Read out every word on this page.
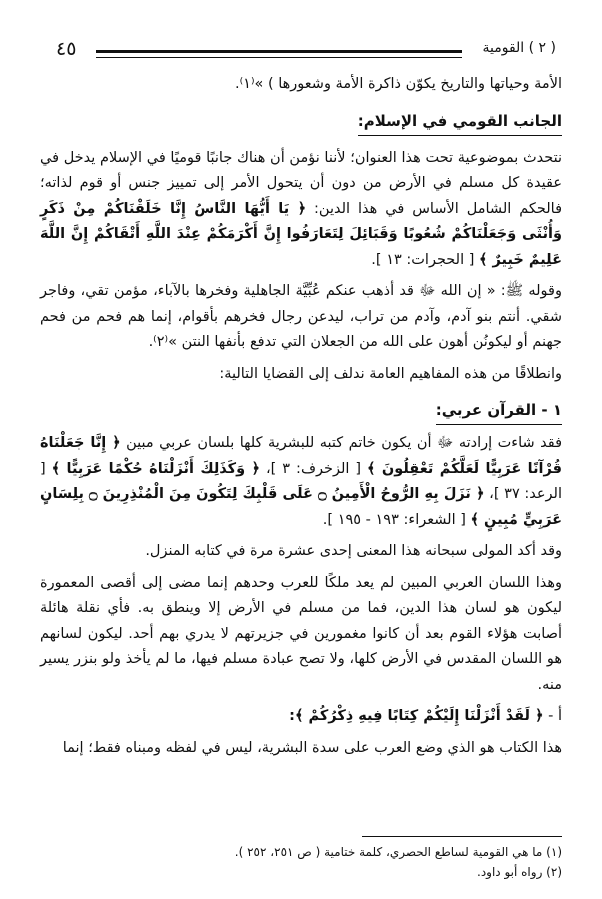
( ٢ ) القومية
٤٥

الأمة وحياتها والتاريخ يكوّن ذاكرة الأمة وشعورها ) »⁽١⁾.

الجانب القومي في الإسلام:

نتحدث بموضوعية تحت هذا العنوان؛ لأننا نؤمن أن هناك جانبًا قوميًا في الإسلام يدخل في عقيدة كل مسلم في الأرض من دون أن يتحول الأمر إلى تمييز جنس أو قوم لذاته؛ فالحكم الشامل الأساس في هذا الدين: ﴿ يَا أَيُّهَا النَّاسُ إِنَّا خَلَقْنَاكُمْ مِنْ ذَكَرٍ وَأُنْثَى وَجَعَلْنَاكُمْ شُعُوبًا وَقَبَائِلَ لِتَعَارَفُوا إِنَّ أَكْرَمَكُمْ عِنْدَ اللَّهِ أَتْقَاكُمْ إِنَّ اللَّهَ عَلِيمٌ خَبِيرٌ ﴾ [ الحجرات: ١٣ ].

وقوله ﷺ: « إن الله ﷻ قد أذهب عنكم عُبِّيَّة الجاهلية وفخرها بالآباء، مؤمن تقي، وفاجر شقي. أنتم بنو آدم، وآدم من تراب، ليدعن رجال فخرهم بأقوام، إنما هم فحم من فحم جهنم أو ليكونُن أهون على الله من الجعلان التي تدفع بأنفها النتن »⁽٢⁾.

وانطلاقًا من هذه المفاهيم العامة ندلف إلى القضايا التالية:

١ - القرآن عربي:

فقد شاءت إرادته ﷻ أن يكون خاتم كتبه للبشرية كلها بلسان عربي مبين ﴿ إِنَّا جَعَلْنَاهُ قُرْآنًا عَرَبِيًّا لَعَلَّكُمْ تَعْقِلُونَ ﴾ [ الزخرف: ٣ ]، ﴿ وَكَذَلِكَ أَنْزَلْنَاهُ حُكْمًا عَرَبِيًّا ﴾ [ الرعد: ٣٧ ]، ﴿ نَزَلَ بِهِ الرُّوحُ الْأَمِينُ ۝ عَلَى قَلْبِكَ لِتَكُونَ مِنَ الْمُنْذِرِينَ ۝ بِلِسَانٍ عَرَبِيٍّ مُبِينٍ ﴾ [ الشعراء: ١٩٣ - ١٩٥ ].

وقد أكد المولى سبحانه هذا المعنى إحدى عشرة مرة في كتابه المنزل.

وهذا اللسان العربي المبين لم يعد ملكًا للعرب وحدهم إنما مضى إلى أقصى المعمورة ليكون هو لسان هذا الدين، فما من مسلم في الأرض إلا وينطق به. فأي نقلة هائلة أصابت هؤلاء القوم بعد أن كانوا مغمورين في جزيرتهم لا يدري بهم أحد. ليكون لسانهم هو اللسان المقدس في الأرض كلها، ولا تصح عبادة مسلم فيها، ما لم يأخذ ولو بنزر يسير منه.

أ - ﴿ لَقَدْ أَنْزَلْنَا إِلَيْكُمْ كِتَابًا فِيهِ ذِكْرُكُمْ ﴾:

هذا الكتاب هو الذي وضع العرب على سدة البشرية، ليس في لفظه ومبناه فقط؛ إنما

(١) ما هي القومية لساطع الحصري، كلمة ختامية ( ص ٢٥١، ٢٥٢ ).

(٢) رواه أبو داود.
